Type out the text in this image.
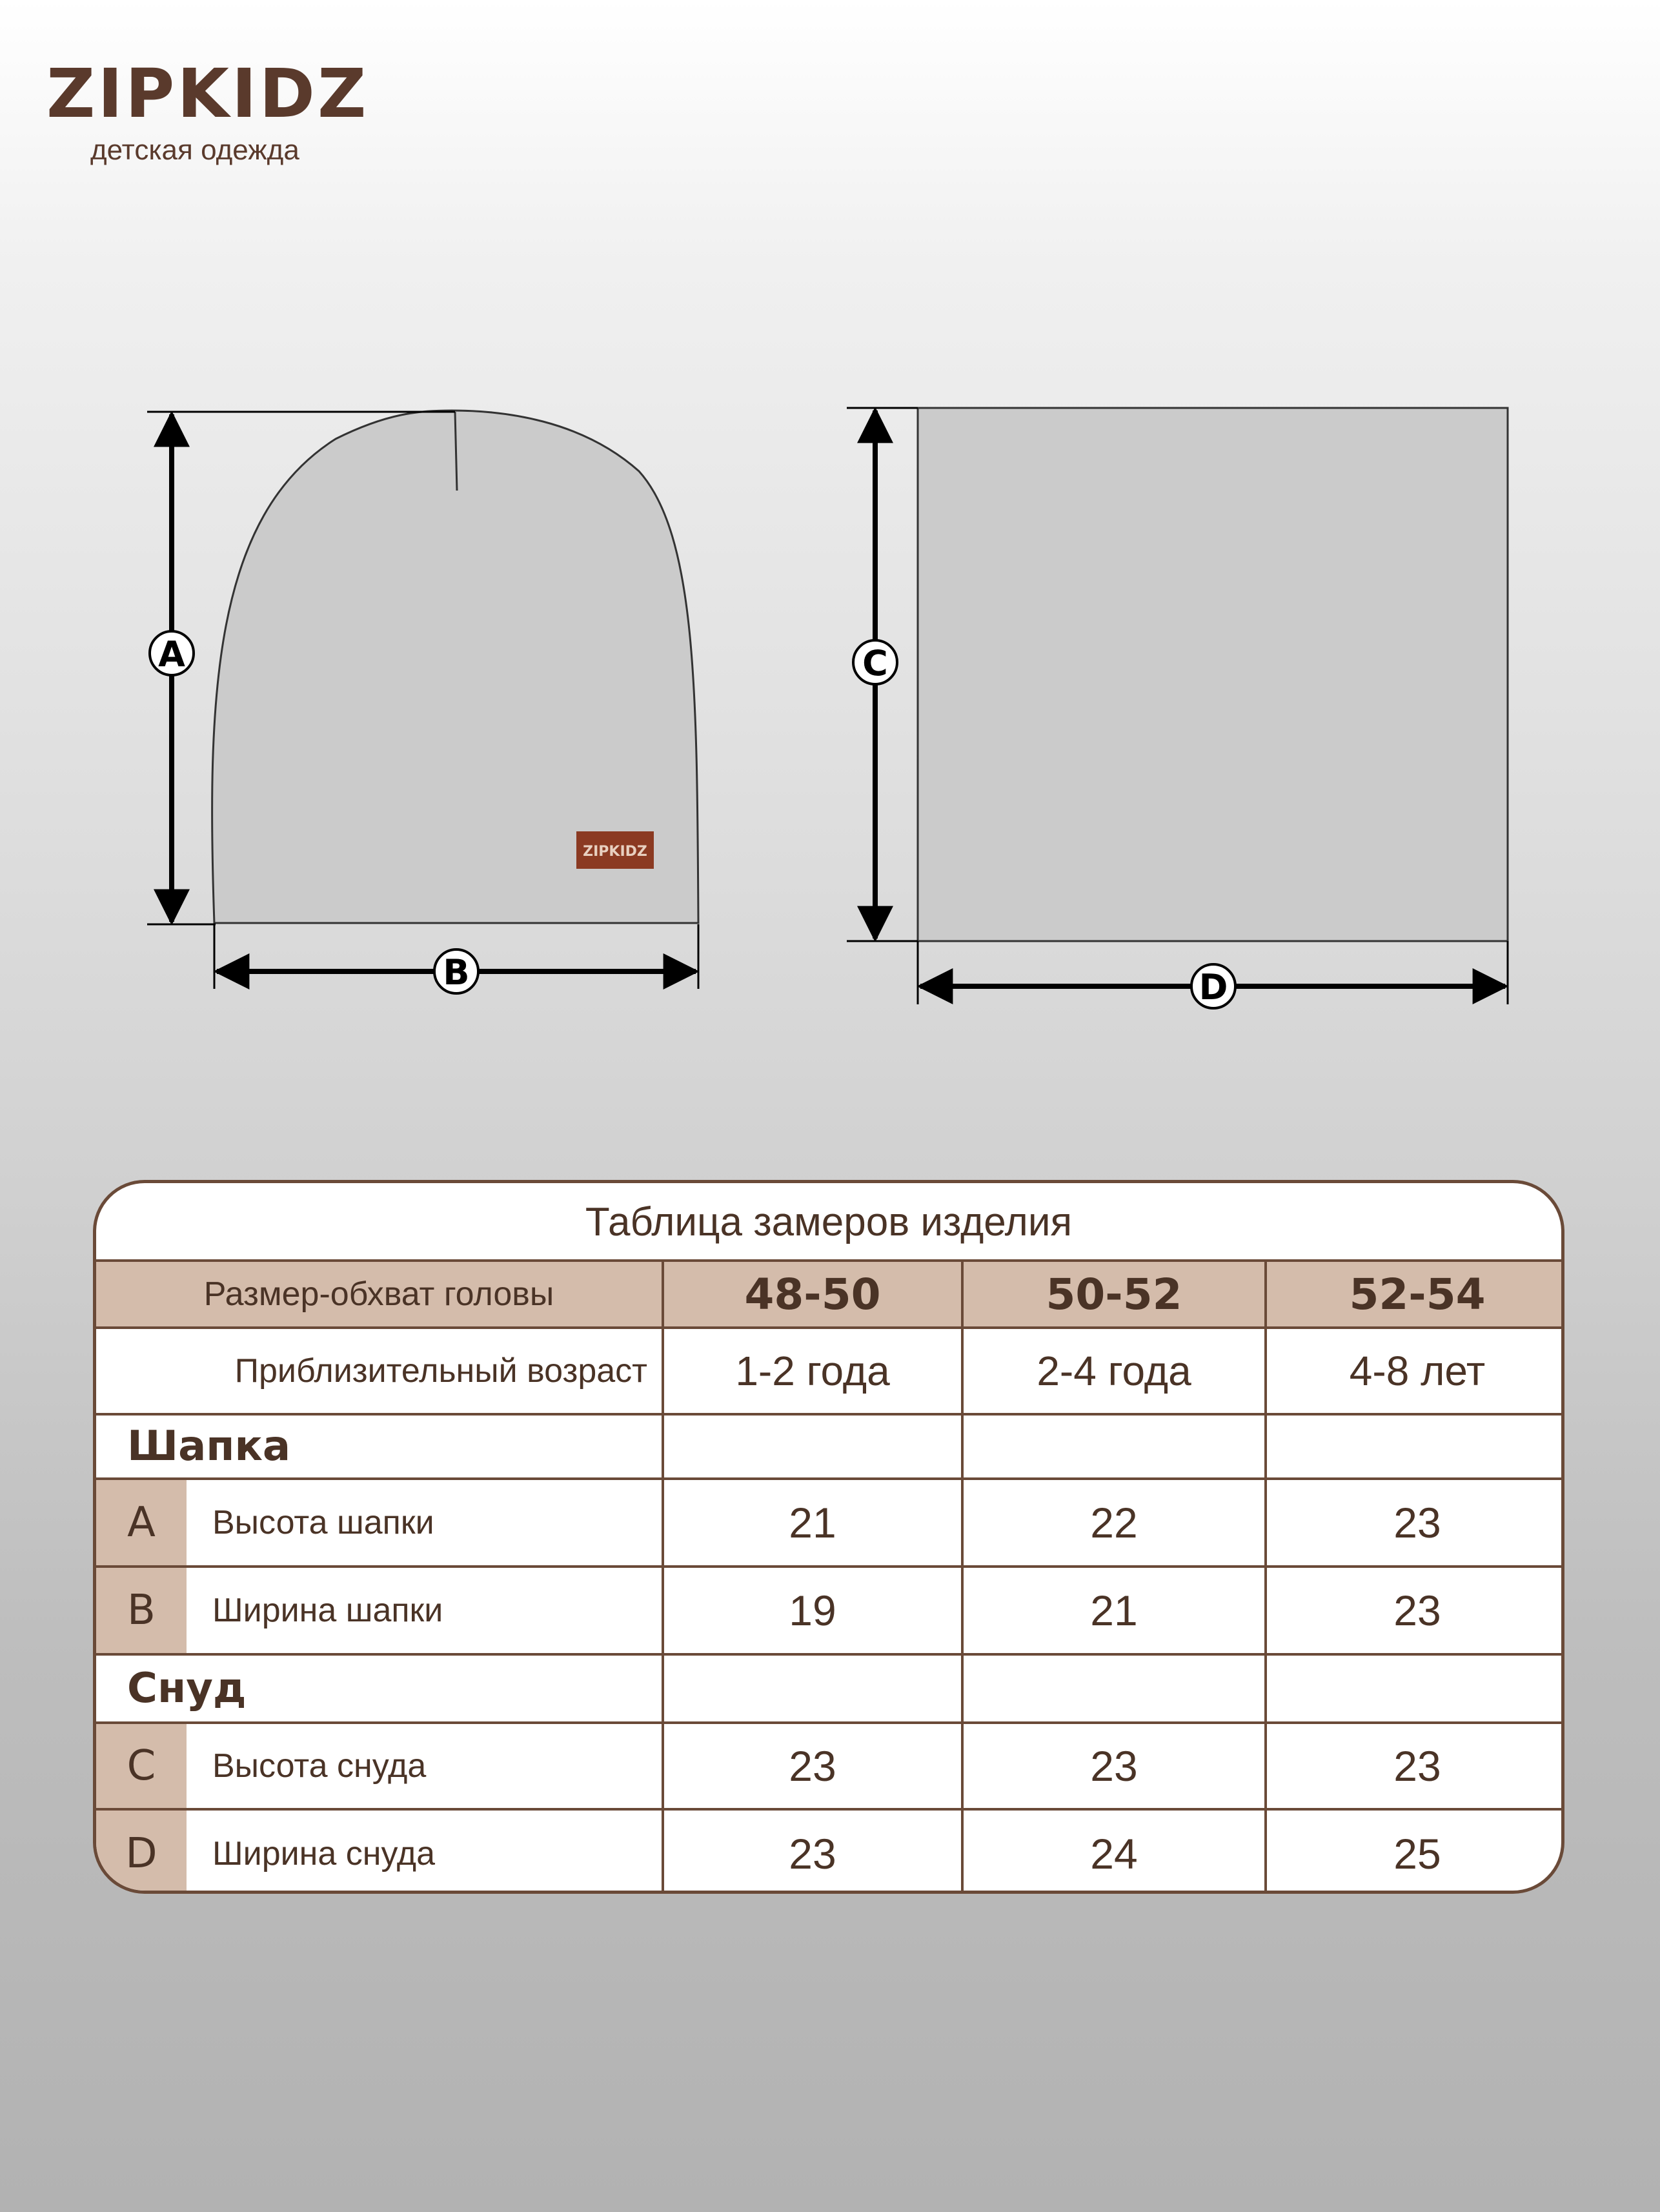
ZIPKIDZ
детская одежда
ZIPKIDZ
A
B
C
D
Таблица замеров изделия
Размер-обхват головы	48-50	50-52	52-54
Приблизительный возраст	1-2 года	2-4 года	4-8 лет
Шапка
A	Высота шапки	21	22	23
B	Ширина шапки	19	21	23
Снуд
C	Высота снуда	23	23	23
D	Ширина снуда	23	24	25
